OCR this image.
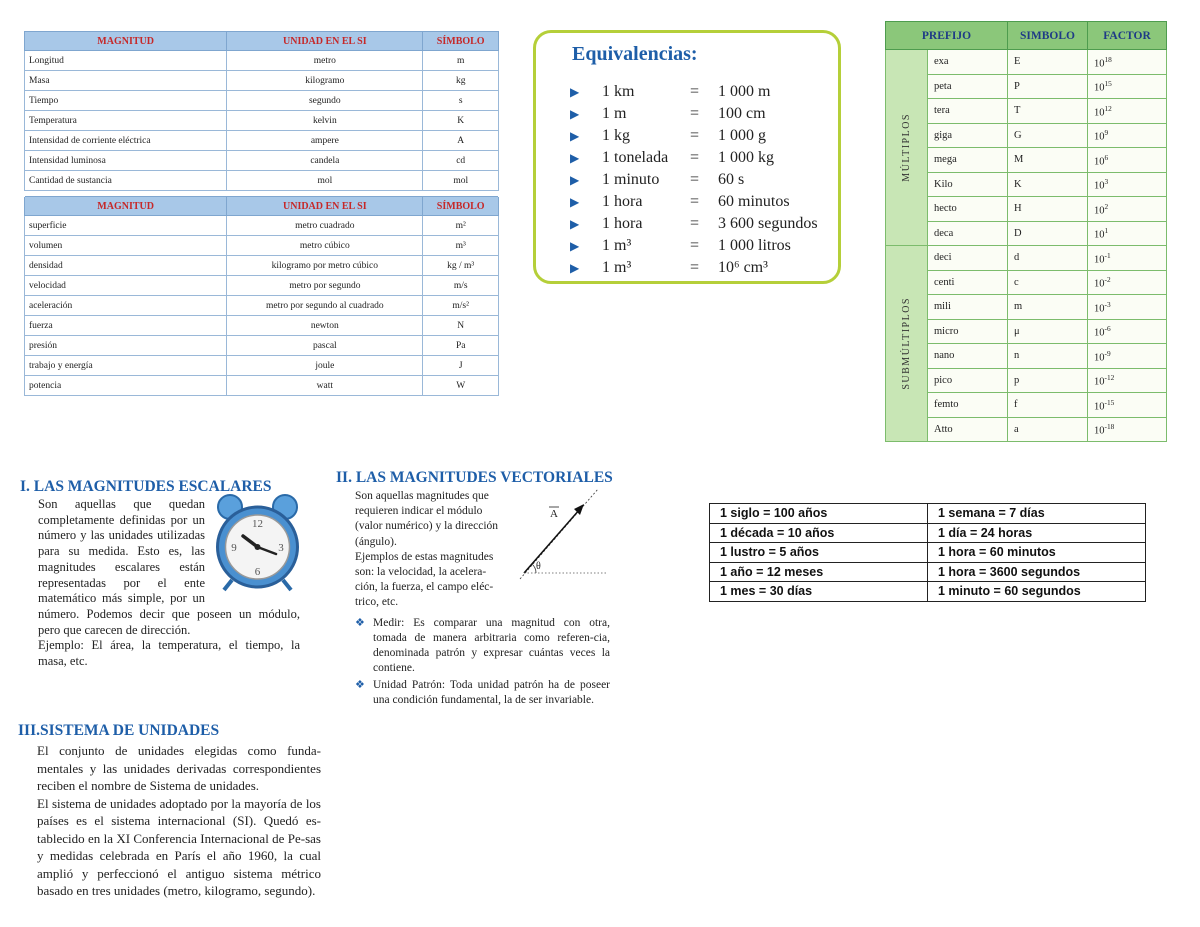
MAGNITUD	UNIDAD EN EL SI	SÍMBOLO
Longitud	metro	m
Masa	kilogramo	kg
Tiempo	segundo	s
Temperatura	kelvin	K
Intensidad de corriente eléctrica	ampere	A
Intensidad luminosa	candela	cd
Cantidad de sustancia	mol	mol

MAGNITUD	UNIDAD EN EL SI	SÍMBOLO
superficie	metro cuadrado	m²
volumen	metro cúbico	m³
densidad	kilogramo por metro cúbico	kg / m³
velocidad	metro por segundo	m/s
aceleración	metro por segundo al cuadrado	m/s²
fuerza	newton	N
presión	pascal	Pa
trabajo y energía	joule	J
potencia	watt	W
Equivalencias:
▶	1 km	=	1 000 m
▶	1 m	=	100 cm
▶	1 kg	=	1 000 g
▶	1 tonelada	=	1 000 kg
▶	1 minuto	=	60 s
▶	1 hora	=	60 minutos
▶	1 hora	=	3 600 segundos
▶	1 m³	=	1 000 litros
▶	1 m³	=	10⁶ cm³
PREFIJO		SIMBOLO	FACTOR

MÚLTIPLOS	exa	E	$10^{18}$
	peta	P	$10^{15}$
	tera	T	$10^{12}$
	giga	G	$10^9$
	mega	M	$10^6$
	Kilo	K	$10^3$
	hecto	H	$10^2$
	deca	D	$10^1$

SUBMÚLTIPLOS	deci	d	$10^{-1}$
	centi	c	$10^{-2}$
	mili	m	$10^{-3}$
	micro	μ	$10^{-6}$
	nano	n	$10^{-9}$
	pico	p	$10^{-12}$
	femto	f	$10^{-15}$
	Atto	a	$10^{-18}$
I. LAS MAGNITUDES ESCALARES
Son aquellas que quedan
completamente definidas por un
número y las unidades utilizadas
para su medida. Esto es, las
magnitudes escalares están
representadas por el ente
matemático más simple, por un
número. Podemos decir que poseen un módulo, pero que carecen de dirección.
Ejemplo: El área, la temperatura, el tiempo, la masa, etc.
12
3
6
9
II. LAS MAGNITUDES VECTORIALES
Son aquellas magnitudes que requieren indicar el módulo (valor numérico) y la dirección (ángulo).
Ejemplos de estas magnitudes son: la velocidad, la acelera-ción, la fuerza, el campo eléc-trico, etc.
θ
A
❖ Medir: Es comparar una magnitud con otra, tomada de manera arbitraria como referen-cia, denominada patrón y expresar cuántas veces la contiene.
❖ Unidad Patrón: Toda unidad patrón ha de poseer una condición fundamental, la de ser invariable.
III.SISTEMA DE UNIDADES
El conjunto de unidades elegidas como funda-mentales y las unidades derivadas correspondientes reciben el nombre de Sistema de unidades.
El sistema de unidades adoptado por la mayoría de los países es el sistema internacional (SI). Quedó es-tablecido en la XI Conferencia Internacional de Pe-sas y medidas celebrada en París el año 1960, la cual amplió y perfeccionó el antiguo sistema métrico basado en tres unidades (metro, kilogramo, segundo).
1 siglo = 100 años	1 semana = 7 días
1 década = 10 años	1 día = 24 horas
1 lustro = 5 años	1 hora = 60 minutos
1 año = 12 meses	1 hora = 3600 segundos
1 mes = 30 días	1 minuto = 60 segundos
